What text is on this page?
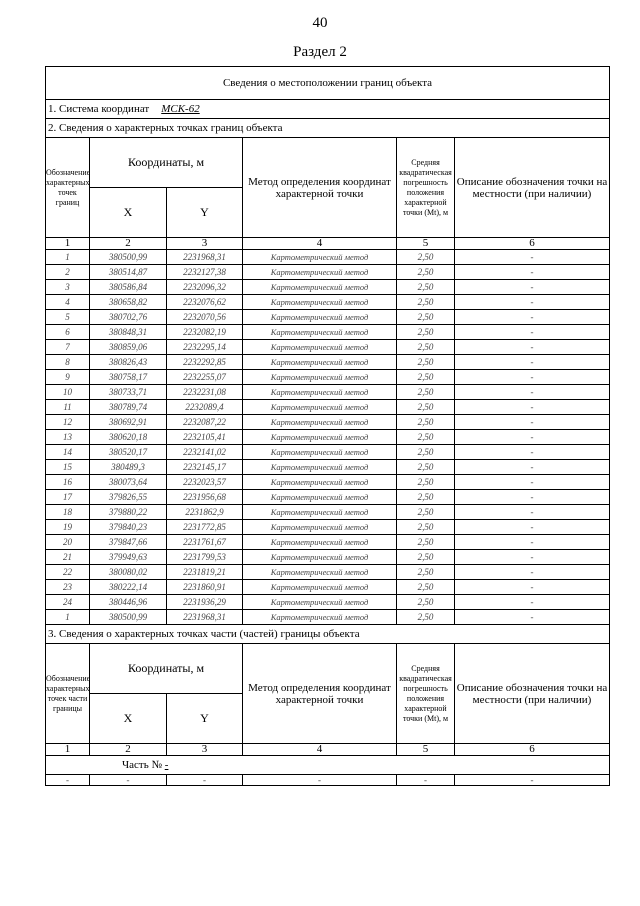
40
Раздел 2
Сведения о местоположении границ объекта					
1. Система координат МСК-62					
2. Сведения о характерных точках границ объекта					
Обозначение характерных точек границ	Координаты, м		Метод определения координат характерной точки	Средняя квадратическая погрешность положения характерной точки (Mt), м	Описание обозначения точки на местности (при наличии)
	X	Y			
1	2	3	4	5	6
1	380500,99	2231968,31	Картометрический метод	2,50	-
2	380514,87	2232127,38	Картометрический метод	2,50	-
3	380586,84	2232096,32	Картометрический метод	2,50	-
4	380658,82	2232076,62	Картометрический метод	2,50	-
5	380702,76	2232070,56	Картометрический метод	2,50	-
6	380848,31	2232082,19	Картометрический метод	2,50	-
7	380859,06	2232295,14	Картометрический метод	2,50	-
8	380826,43	2232292,85	Картометрический метод	2,50	-
9	380758,17	2232255,07	Картометрический метод	2,50	-
10	380733,71	2232231,08	Картометрический метод	2,50	-
11	380789,74	2232089,4	Картометрический метод	2,50	-
12	380692,91	2232087,22	Картометрический метод	2,50	-
13	380620,18	2232105,41	Картометрический метод	2,50	-
14	380520,17	2232141,02	Картометрический метод	2,50	-
15	380489,3	2232145,17	Картометрический метод	2,50	-
16	380073,64	2232023,57	Картометрический метод	2,50	-
17	379826,55	2231956,68	Картометрический метод	2,50	-
18	379880,22	2231862,9	Картометрический метод	2,50	-
19	379840,23	2231772,85	Картометрический метод	2,50	-
20	379847,66	2231761,67	Картометрический метод	2,50	-
21	379949,63	2231799,53	Картометрический метод	2,50	-
22	380080,02	2231819,21	Картометрический метод	2,50	-
23	380222,14	2231860,91	Картометрический метод	2,50	-
24	380446,96	2231936,29	Картометрический метод	2,50	-
1	380500,99	2231968,31	Картометрический метод	2,50	-
3. Сведения о характерных точках части (частей) границы объекта					
Обозначение характерных точек части границы	Координаты, м		Метод определения координат характерной точки	Средняя квадратическая погрешность положения характерной точки (Mt), м	Описание обозначения точки на местности (при наличии)
	X	Y			
1	2	3	4	5	6
Часть № -					
-	-	-	-	-	-
